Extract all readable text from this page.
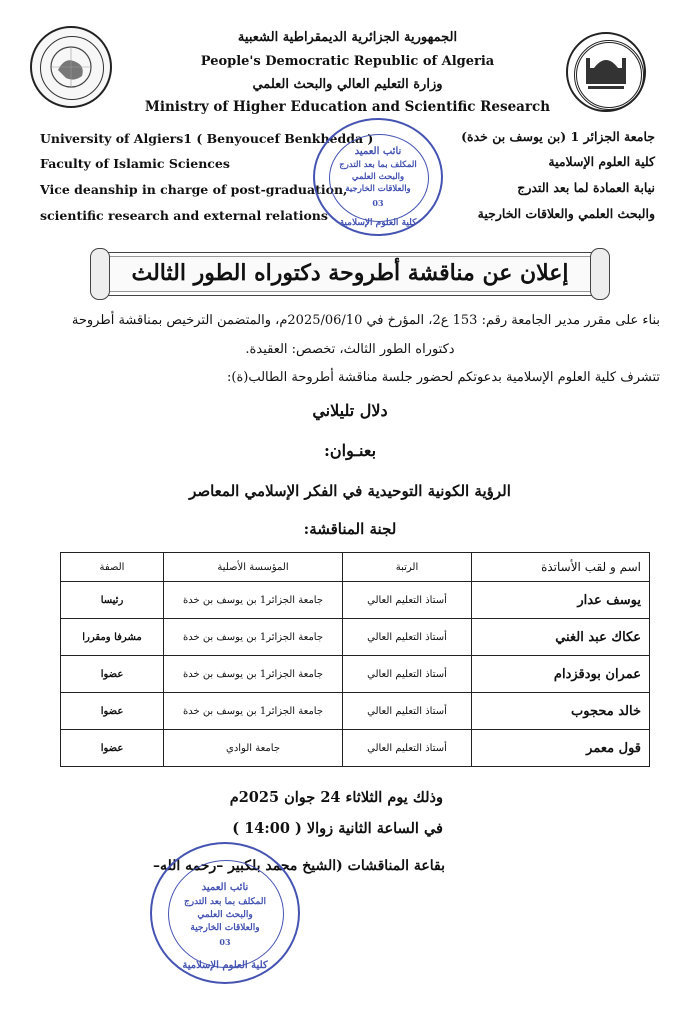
الجمهورية الجزائرية الديمقراطية الشعبية
People's Democratic Republic of Algeria
وزارة التعليم العالي والبحث العلمي
Ministry of Higher Education and Scientific Research
University of Algiers1 ( Benyoucef Benkhedda )
Faculty of Islamic Sciences
Vice deanship in charge of post-graduation,
scientific research and external relations
جامعة الجزائر 1 (بن يوسف بن خدة)
كلية العلوم الإسلامية
نيابة العمادة لما بعد التدرج
والبحث العلمي والعلاقات الخارجية
نائب العميد
المكلف بما بعد التدرج
والبحث العلمي
والعلاقات الخارجية
03
كلية العلوم الإسلامية
إعلان عن مناقشة أطروحة دكتوراه الطور الثالث
بناء على مقرر مدير الجامعة رقم: 153 ع2، المؤرخ في 2025/06/10م، والمتضمن الترخيص بمناقشة أطروحة
دكتوراه الطور الثالث، تخصص: العقيدة.
تتشرف كلية العلوم الإسلامية بدعوتكم لحضور جلسة مناقشة أطروحة الطالب(ة):
دلال تليلاني
بعنـوان:
الرؤية الكونية التوحيدية في الفكر الإسلامي المعاصر
لجنة المناقشة:
اسم و لقب الأساتذة	الرتبة	المؤسسة الأصلية	الصفة
يوسف عدار	أستاذ التعليم العالي	جامعة الجزائر1 بن يوسف بن خدة	رئيسا
عكاك عبد الغني	أستاذ التعليم العالي	جامعة الجزائر1 بن يوسف بن خدة	مشرفا ومقررا
عمران بودقزدام	أستاذ التعليم العالي	جامعة الجزائر1 بن يوسف بن خدة	عضوا
خالد محجوب	أستاذ التعليم العالي	جامعة الجزائر1 بن يوسف بن خدة	عضوا
قول معمر	أستاذ التعليم العالي	جامعة الوادي	عضوا
وذلك يوم الثلاثاء 24 جوان 2025م
في الساعة الثانية زوالا ( 14:00 )
بقاعة المناقشات (الشيخ محمد بلكبير –رحمه الله–
نائب العميد
المكلف بما بعد التدرج
والبحث العلمي
والعلاقات الخارجية
03
كلية العلوم الإسلامية
